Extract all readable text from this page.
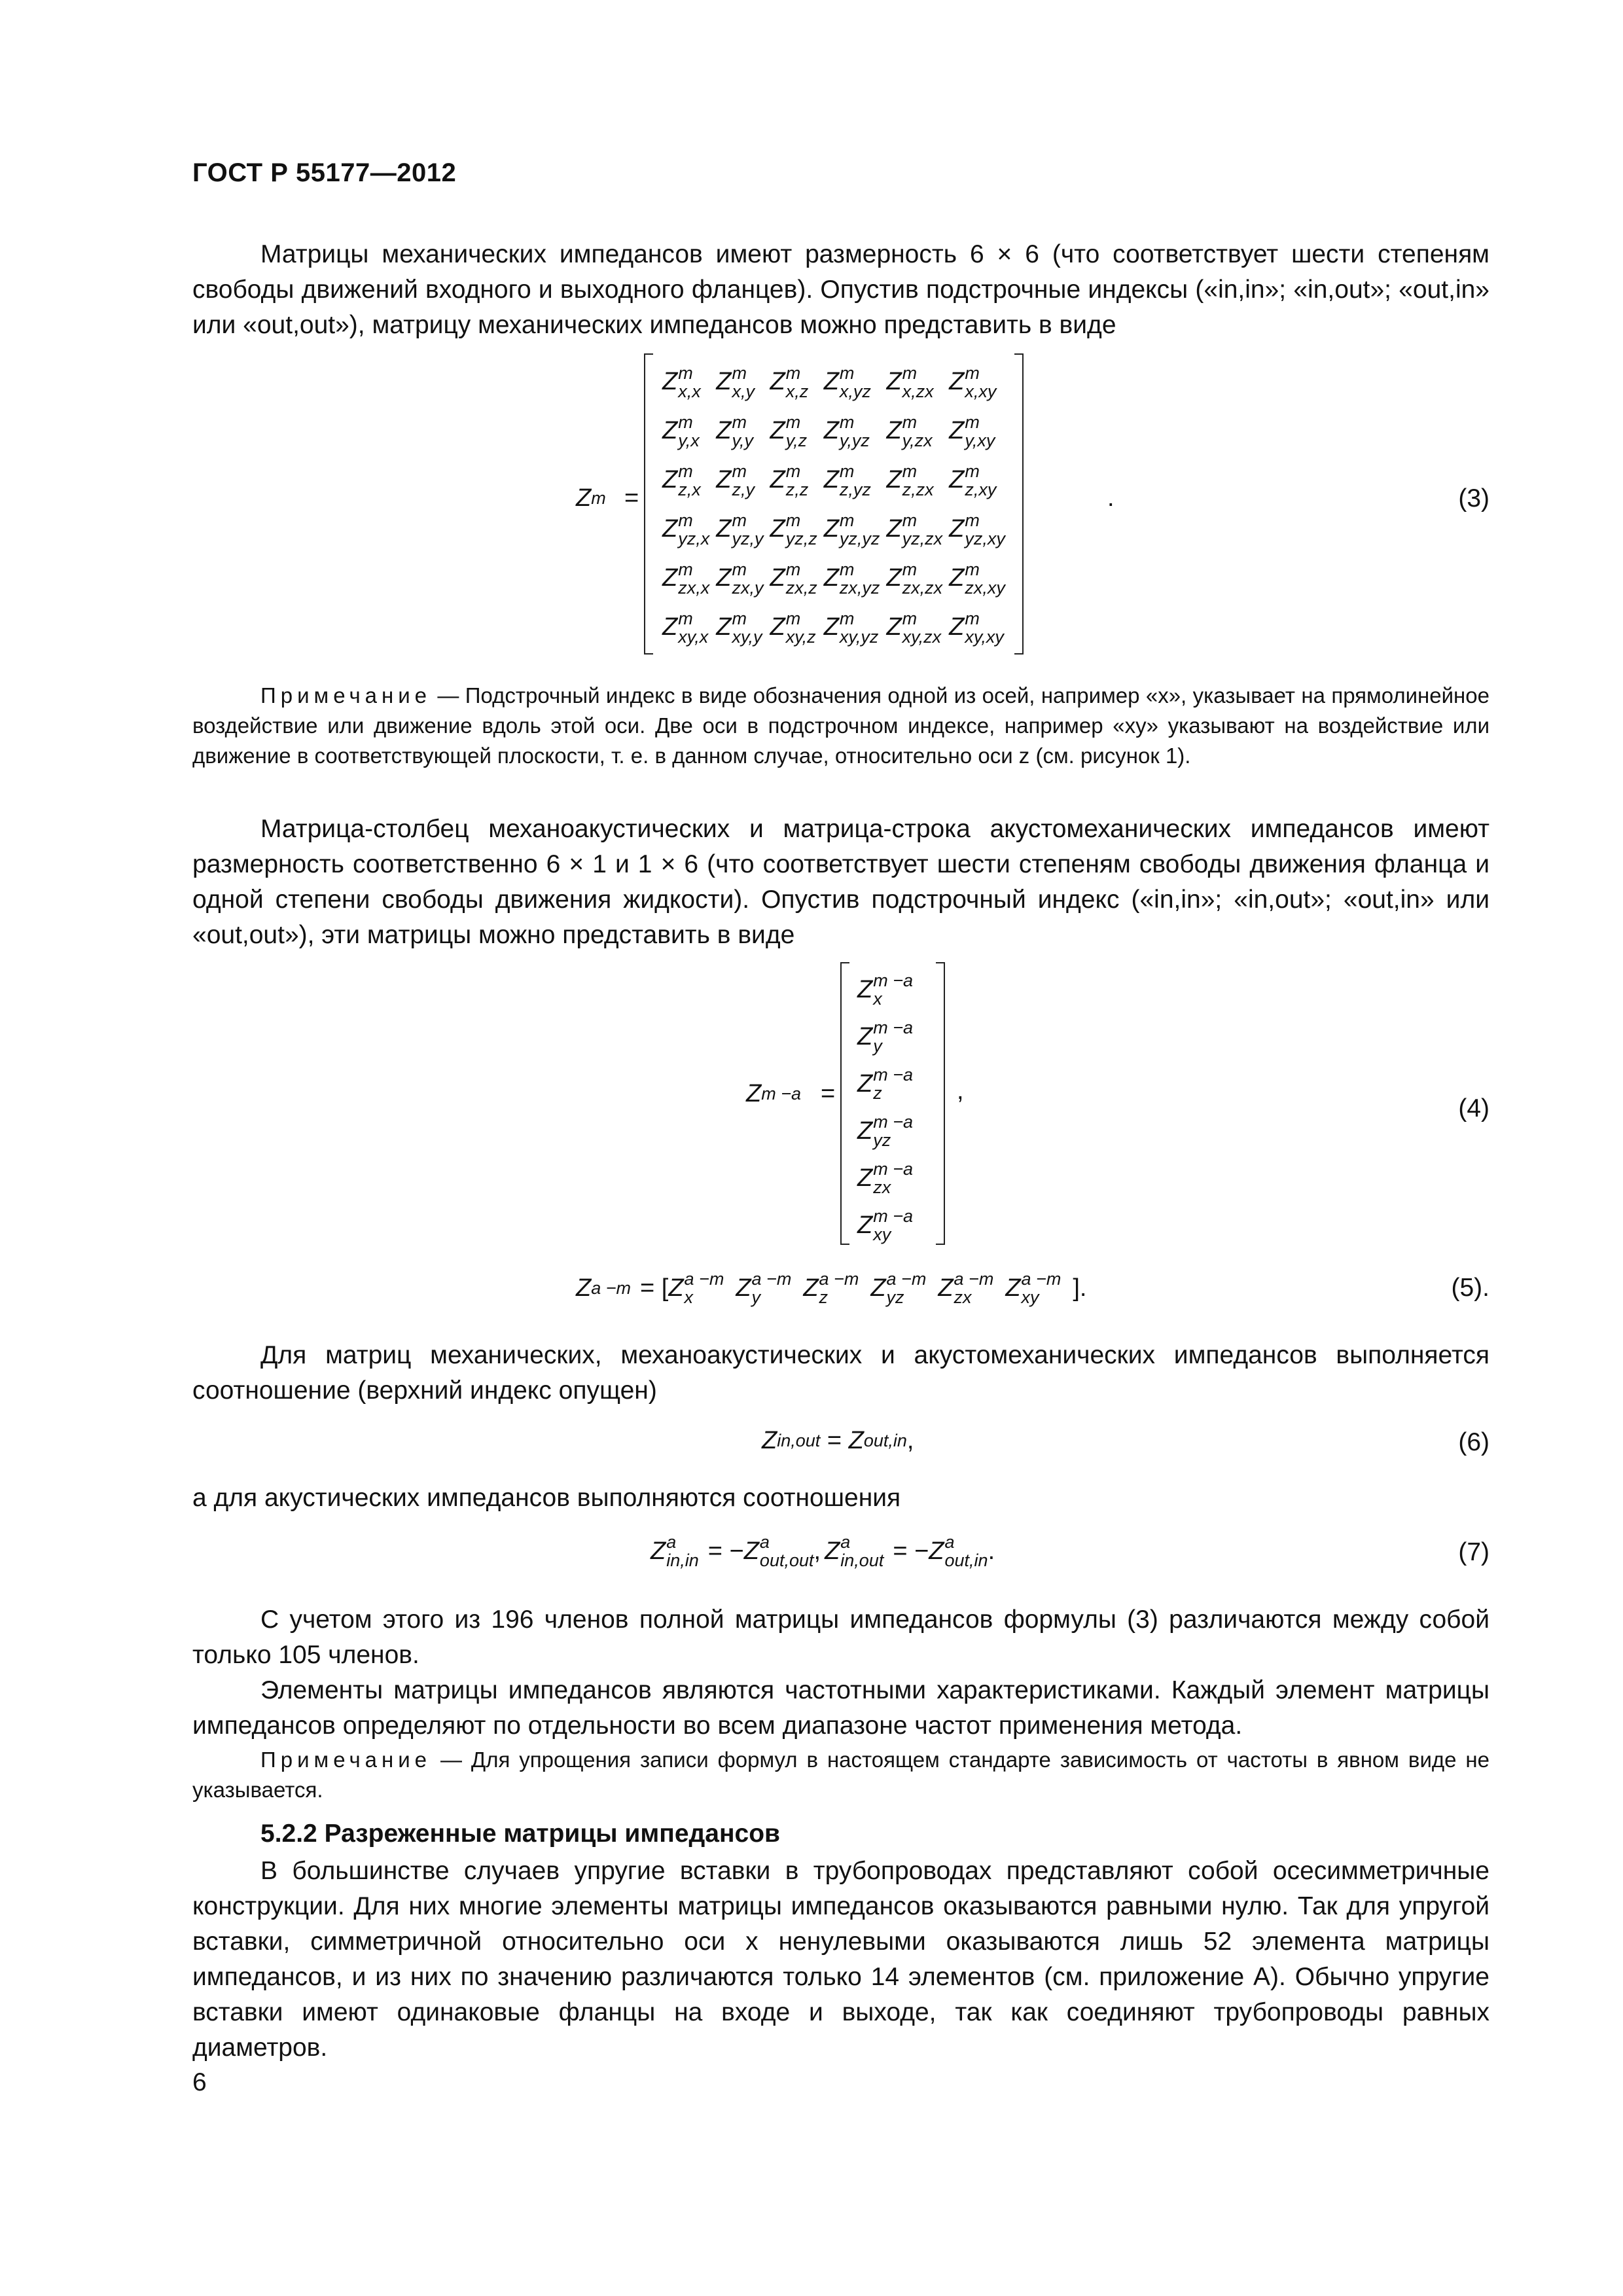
ГОСТ Р 55177—2012
Матрицы механических импедансов имеют размерность 6 × 6 (что соответствует шести степеням свободы движений входного и выходного фланцев). Опустив подстрочные индексы («in,in»; «in,out»; «out,in» или «out,out»), матрицу механических импедансов можно представить в виде
Z m =
Z m
x,x	Z m
x,y	Z m
x,z	Z m
x,yz	Z m
x,zx	Z m
x,xy

Z m
y,x	Z m
y,y	Z m
y,z	Z m
y,yz	Z m
y,zx	Z m
y,xy

Z m
z,x	Z m
z,y	Z m
z,z	Z m
z,yz	Z m
z,zx	Z m
z,xy

Z m
yz,x	Z m
yz,y	Z m
yz,z	Z m
yz,yz	Z m
yz,zx	Z m
yz,xy

Z m
zx,x	Z m
zx,y	Z m
zx,z	Z m
zx,yz	Z m
zx,zx	Z m
zx,xy

Z m
xy,x	Z m
xy,y	Z m
xy,z	Z m
xy,yz	Z m
xy,zx	Z m
xy,xy
.	(3)
Примечание — Подстрочный индекс в виде обозначения одной из осей, например «x», указывает на прямолинейное воздействие или движение вдоль этой оси. Две оси в подстрочном индексе, например «xy» указывают на воздействие или движение в соответствующей плоскости, т. е. в данном случае, относительно оси z (см. рисунок 1).
Матрица-столбец механоакустических и матрица-строка акустомеханических импедансов имеют размерность соответственно 6 × 1 и 1 × 6 (что соответствует шести степеням свободы движения фланца и одной степени свободы движения жидкости). Опустив подстрочный индекс («in,in»; «in,out»; «out,in» или «out,out»), эти матрицы можно представить в виде
Z m −a =
Z m −a
x
Z m −a
y
Z m −a
z
Z m −a
yz
Z m −a
zx
Z m −a
xy
,
(4)
Z a −m = [ Z a −m
x	Z a −m
y	Z a −m
z	Z a −m
yz	Z a −m
zx	Z a −m
xy	].	(5).
Для матриц механических, механоакустических и акустомеханических импедансов выполняется соотношение (верхний индекс опущен)
Z in,out = Z out,in ,	(6)
а для акустических импедансов выполняются соотношения
Z a
in,in = − Z a
out,out , Z a
in,out = − Z a
out,in .	(7)
С учетом этого из 196 членов полной матрицы импедансов формулы (3) различаются между собой только 105 членов.
Элементы матрицы импедансов являются частотными характеристиками. Каждый элемент матрицы импедансов определяют по отдельности во всем диапазоне частот применения метода.
Примечание — Для упрощения записи формул в настоящем стандарте зависимость от частоты в явном виде не указывается.
5.2.2 Разреженные матрицы импедансов
В большинстве случаев упругие вставки в трубопроводах представляют собой осесимметричные конструкции. Для них многие элементы матрицы импедансов оказываются равными нулю. Так для упругой вставки, симметричной относительно оси x ненулевыми оказываются лишь 52 элемента матрицы импедансов, и из них по значению различаются только 14 элементов (см. приложение А). Обычно упругие вставки имеют одинаковые фланцы на входе и выходе, так как соединяют трубопроводы равных диаметров.
6
